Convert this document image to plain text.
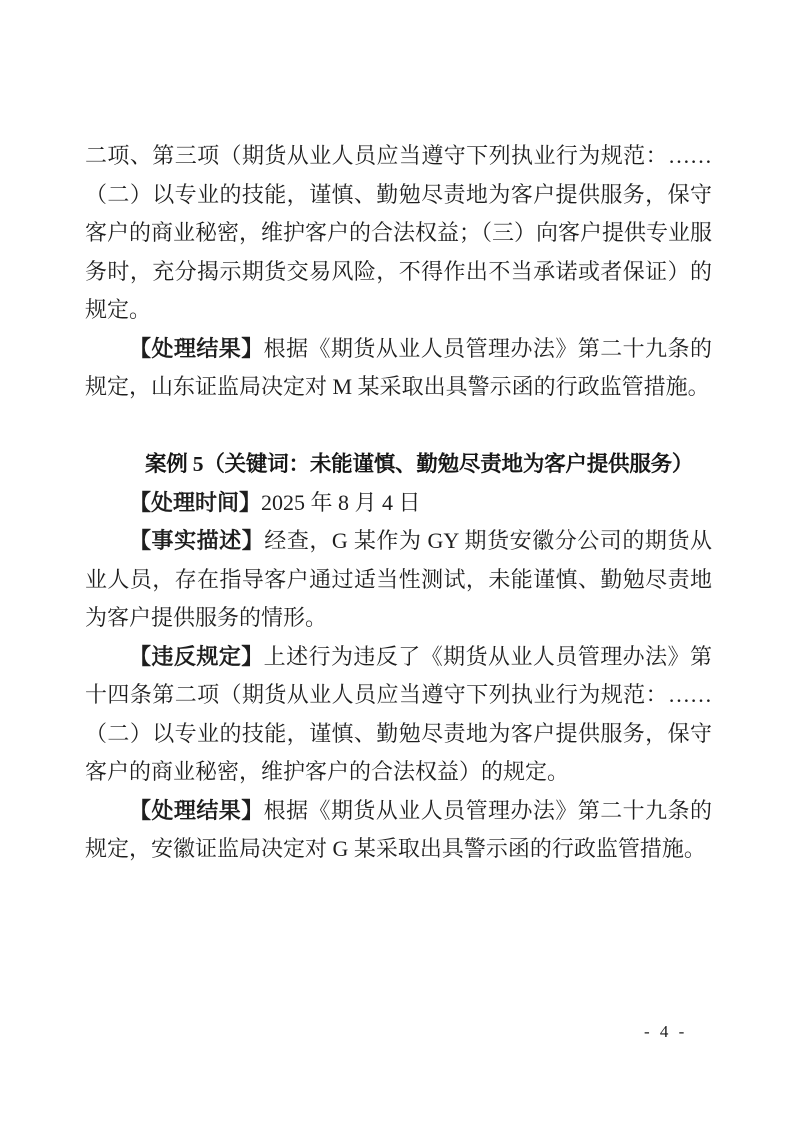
二项、第三项（期货从业人员应当遵守下列执业行为规范：……（二）以专业的技能，谨慎、勤勉尽责地为客户提供服务，保守客户的商业秘密，维护客户的合法权益；（三）向客户提供专业服务时，充分揭示期货交易风险，不得作出不当承诺或者保证）的规定。

【处理结果】根据《期货从业人员管理办法》第二十九条的规定，山东证监局决定对 M 某采取出具警示函的行政监管措施。

案例 5（关键词：未能谨慎、勤勉尽责地为客户提供服务）

【处理时间】2025 年 8 月 4 日

【事实描述】经查，G 某作为 GY 期货安徽分公司的期货从业人员，存在指导客户通过适当性测试，未能谨慎、勤勉尽责地为客户提供服务的情形。

【违反规定】上述行为违反了《期货从业人员管理办法》第十四条第二项（期货从业人员应当遵守下列执业行为规范：……（二）以专业的技能，谨慎、勤勉尽责地为客户提供服务，保守客户的商业秘密，维护客户的合法权益）的规定。

【处理结果】根据《期货从业人员管理办法》第二十九条的规定，安徽证监局决定对 G 某采取出具警示函的行政监管措施。

- 4 -
